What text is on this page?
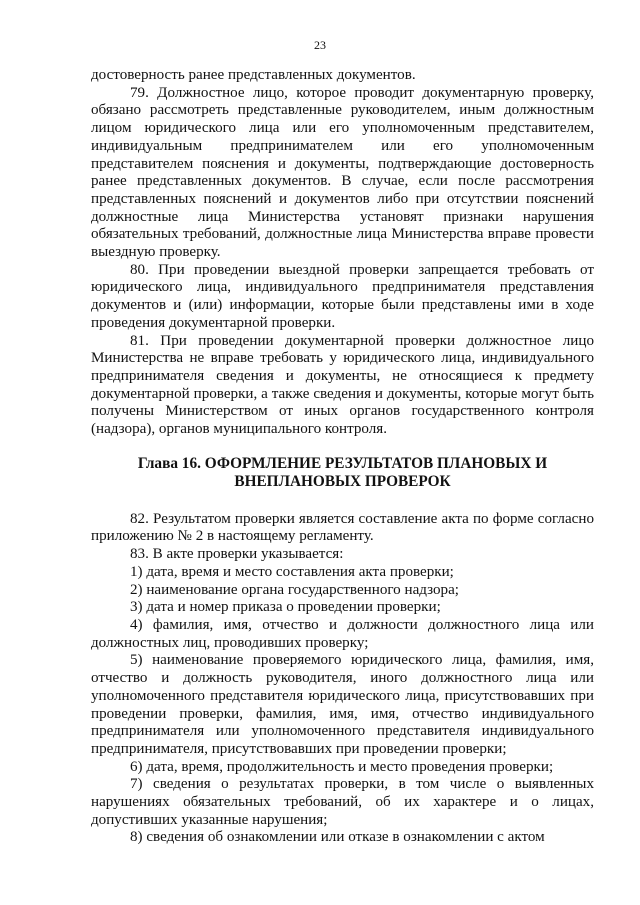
23

достоверность ранее представленных документов.

79. Должностное лицо, которое проводит документарную проверку, обязано рассмотреть представленные руководителем, иным должностным лицом юридического лица или его уполномоченным представителем, индивидуальным предпринимателем или его уполномоченным представителем пояснения и документы, подтверждающие достоверность ранее представленных документов. В случае, если после рассмотрения представленных пояснений и документов либо при отсутствии пояснений должностные лица Министерства установят признаки нарушения обязательных требований, должностные лица Министерства вправе провести выездную проверку.

80. При проведении выездной проверки запрещается требовать от юридического лица, индивидуального предпринимателя представления документов и (или) информации, которые были представлены ими в ходе проведения документарной проверки.

81. При проведении документарной проверки должностное лицо Министерства не вправе требовать у юридического лица, индивидуального предпринимателя сведения и документы, не относящиеся к предмету документарной проверки, а также сведения и документы, которые могут быть получены Министерством от иных органов государственного контроля (надзора), органов муниципального контроля.

Глава 16. ОФОРМЛЕНИЕ РЕЗУЛЬТАТОВ ПЛАНОВЫХ И
ВНЕПЛАНОВЫХ ПРОВЕРОК

82. Результатом проверки является составление акта по форме согласно приложению № 2 в настоящему регламенту.

83. В акте проверки указывается:

1) дата, время и место составления акта проверки;

2) наименование органа государственного надзора;

3) дата и номер приказа о проведении проверки;

4) фамилия, имя, отчество и должности должностного лица или должностных лиц, проводивших проверку;

5) наименование проверяемого юридического лица, фамилия, имя, отчество и должность руководителя, иного должностного лица или уполномоченного представителя юридического лица, присутствовавших при проведении проверки, фамилия, имя, имя, отчество индивидуального предпринимателя или уполномоченного представителя индивидуального предпринимателя, присутствовавших при проведении проверки;

6) дата, время, продолжительность и место проведения проверки;

7) сведения о результатах проверки, в том числе о выявленных нарушениях обязательных требований, об их характере и о лицах, допустивших указанные нарушения;

8) сведения об ознакомлении или отказе в ознакомлении с актом
